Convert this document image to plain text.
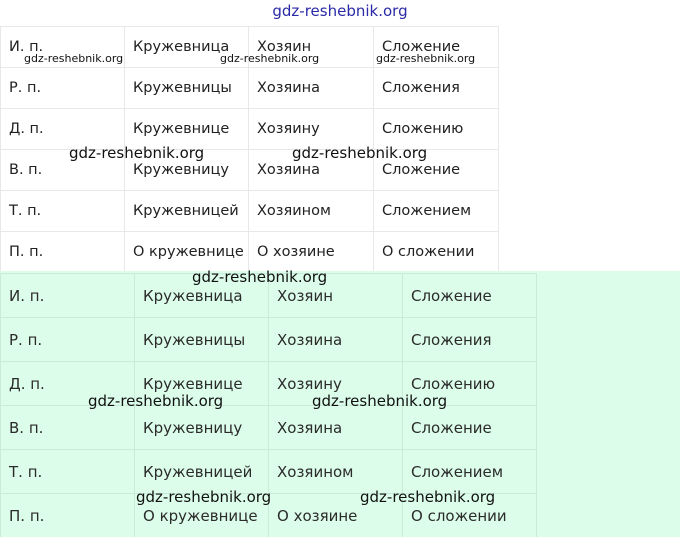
gdz-reshebnik.org
И. п.	Кружевница	Хозяин	Сложение
Р. п.	Кружевницы	Хозяина	Сложения
Д. п.	Кружевнице	Хозяину	Сложению
В. п.	Кружевницу	Хозяина	Сложение
Т. п.	Кружевницей	Хозяином	Сложением
П. п.	О кружевнице	О хозяине	О сложении
И. п.	Кружевница	Хозяин	Сложение
Р. п.	Кружевницы	Хозяина	Сложения
Д. п.	Кружевнице	Хозяину	Сложению
В. п.	Кружевницу	Хозяина	Сложение
Т. п.	Кружевницей	Хозяином	Сложением
П. п.	О кружевнице	О хозяине	О сложении
gdz-reshebnik.org	gdz-reshebnik.org	gdz-reshebnik.org
gdz-reshebnik.org	gdz-reshebnik.org
gdz-reshebnik.org
gdz-reshebnik.org	gdz-reshebnik.org
gdz-reshebnik.org	gdz-reshebnik.org
